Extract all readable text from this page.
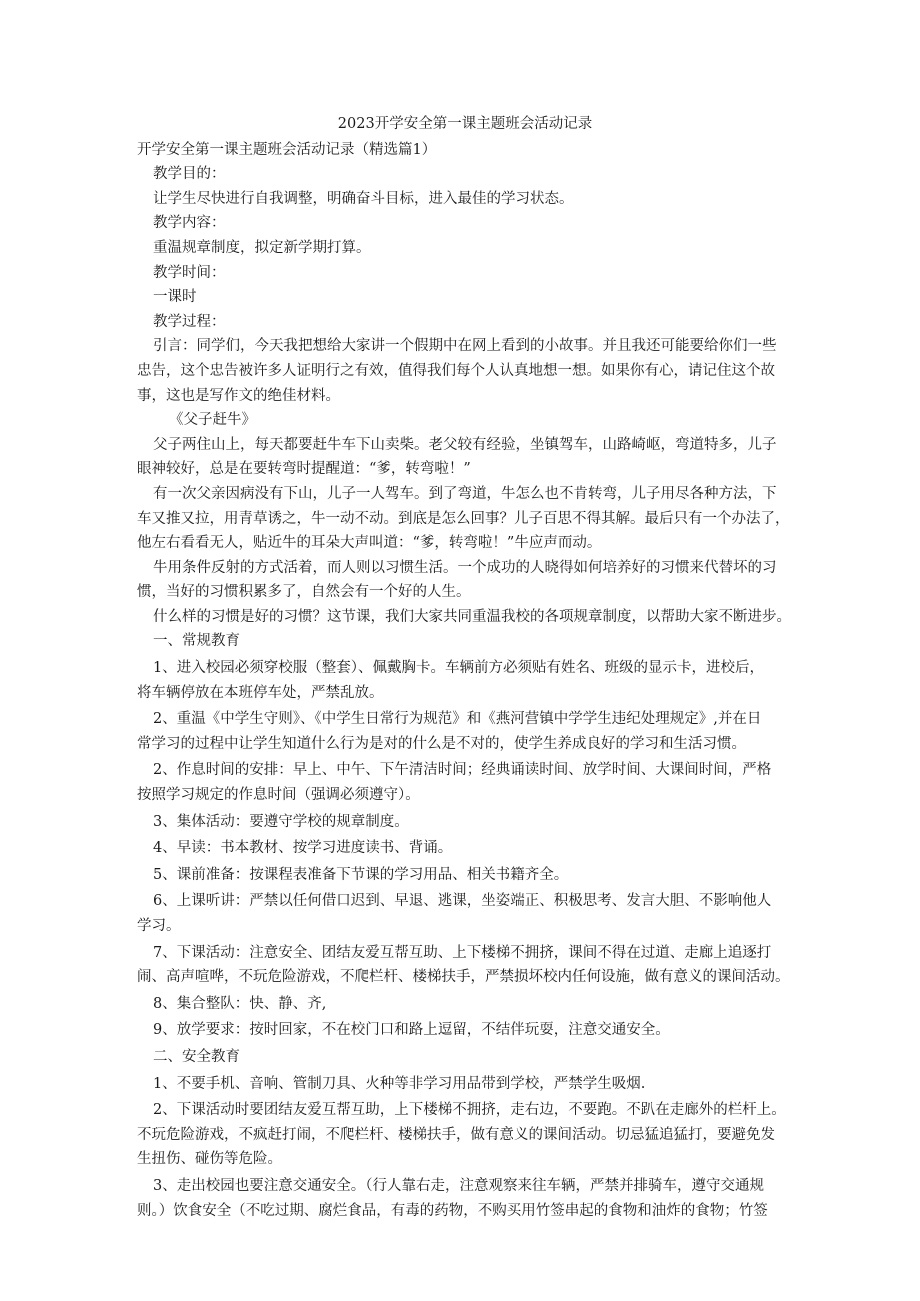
2023开学安全第一课主题班会活动记录
开学安全第一课主题班会活动记录（精选篇1）
教学目的：
让学生尽快进行自我调整，明确奋斗目标，进入最佳的学习状态。
教学内容：
重温规章制度，拟定新学期打算。
教学时间：
一课时
教学过程：
引言：同学们，今天我把想给大家讲一个假期中在网上看到的小故事。并且我还可能要给你们一些
忠告，这个忠告被许多人证明行之有效，值得我们每个人认真地想一想。如果你有心，请记住这个故
事，这也是写作文的绝佳材料。
《父子赶牛》
父子两住山上，每天都要赶牛车下山卖柴。老父较有经验，坐镇驾车，山路崎岖，弯道特多，儿子
眼神较好，总是在要转弯时提醒道：“爹，转弯啦！”
有一次父亲因病没有下山，儿子一人驾车。到了弯道，牛怎么也不肯转弯，儿子用尽各种方法，下
车又推又拉，用青草诱之，牛一动不动。到底是怎么回事？儿子百思不得其解。最后只有一个办法了，
他左右看看无人，贴近牛的耳朵大声叫道：“爹，转弯啦！”牛应声而动。
牛用条件反射的方式活着，而人则以习惯生活。一个成功的人晓得如何培养好的习惯来代替坏的习
惯，当好的习惯积累多了，自然会有一个好的人生。
什么样的习惯是好的习惯？这节课，我们大家共同重温我校的各项规章制度，以帮助大家不断进步。
一、常规教育
1、进入校园必须穿校服（整套）、佩戴胸卡。车辆前方必须贴有姓名、班级的显示卡，进校后，
将车辆停放在本班停车处，严禁乱放。
2、重温《中学生守则》、《中学生日常行为规范》和《燕河营镇中学学生违纪处理规定》,并在日
常学习的过程中让学生知道什么行为是对的什么是不对的，使学生养成良好的学习和生活习惯。
2、作息时间的安排：早上、中午、下午清洁时间；经典诵读时间、放学时间、大课间时间，严格
按照学习规定的作息时间（强调必须遵守）。
3、集体活动：要遵守学校的规章制度。
4、早读：书本教材、按学习进度读书、背诵。
5、课前准备：按课程表准备下节课的学习用品、相关书籍齐全。
6、上课听讲：严禁以任何借口迟到、早退、逃课，坐姿端正、积极思考、发言大胆、不影响他人
学习。
7、下课活动：注意安全、团结友爱互帮互助、上下楼梯不拥挤，课间不得在过道、走廊上追逐打
闹、高声喧哗，不玩危险游戏，不爬栏杆、楼梯扶手，严禁损坏校内任何设施，做有意义的课间活动。
8、集合整队：快、静、齐,
9、放学要求：按时回家，不在校门口和路上逗留，不结伴玩耍，注意交通安全。
二、安全教育
1、不要手机、音响、管制刀具、火种等非学习用品带到学校，严禁学生吸烟.
2、下课活动时要团结友爱互帮互助，上下楼梯不拥挤，走右边，不要跑。不趴在走廊外的栏杆上。
不玩危险游戏，不疯赶打闹，不爬栏杆、楼梯扶手，做有意义的课间活动。切忌猛追猛打，要避免发
生扭伤、碰伤等危险。
3、走出校园也要注意交通安全。（行人靠右走，注意观察来往车辆，严禁并排骑车，遵守交通规
则。）饮食安全（不吃过期、腐烂食品，有毒的药物，不购买用竹签串起的食物和油炸的食物；竹签
